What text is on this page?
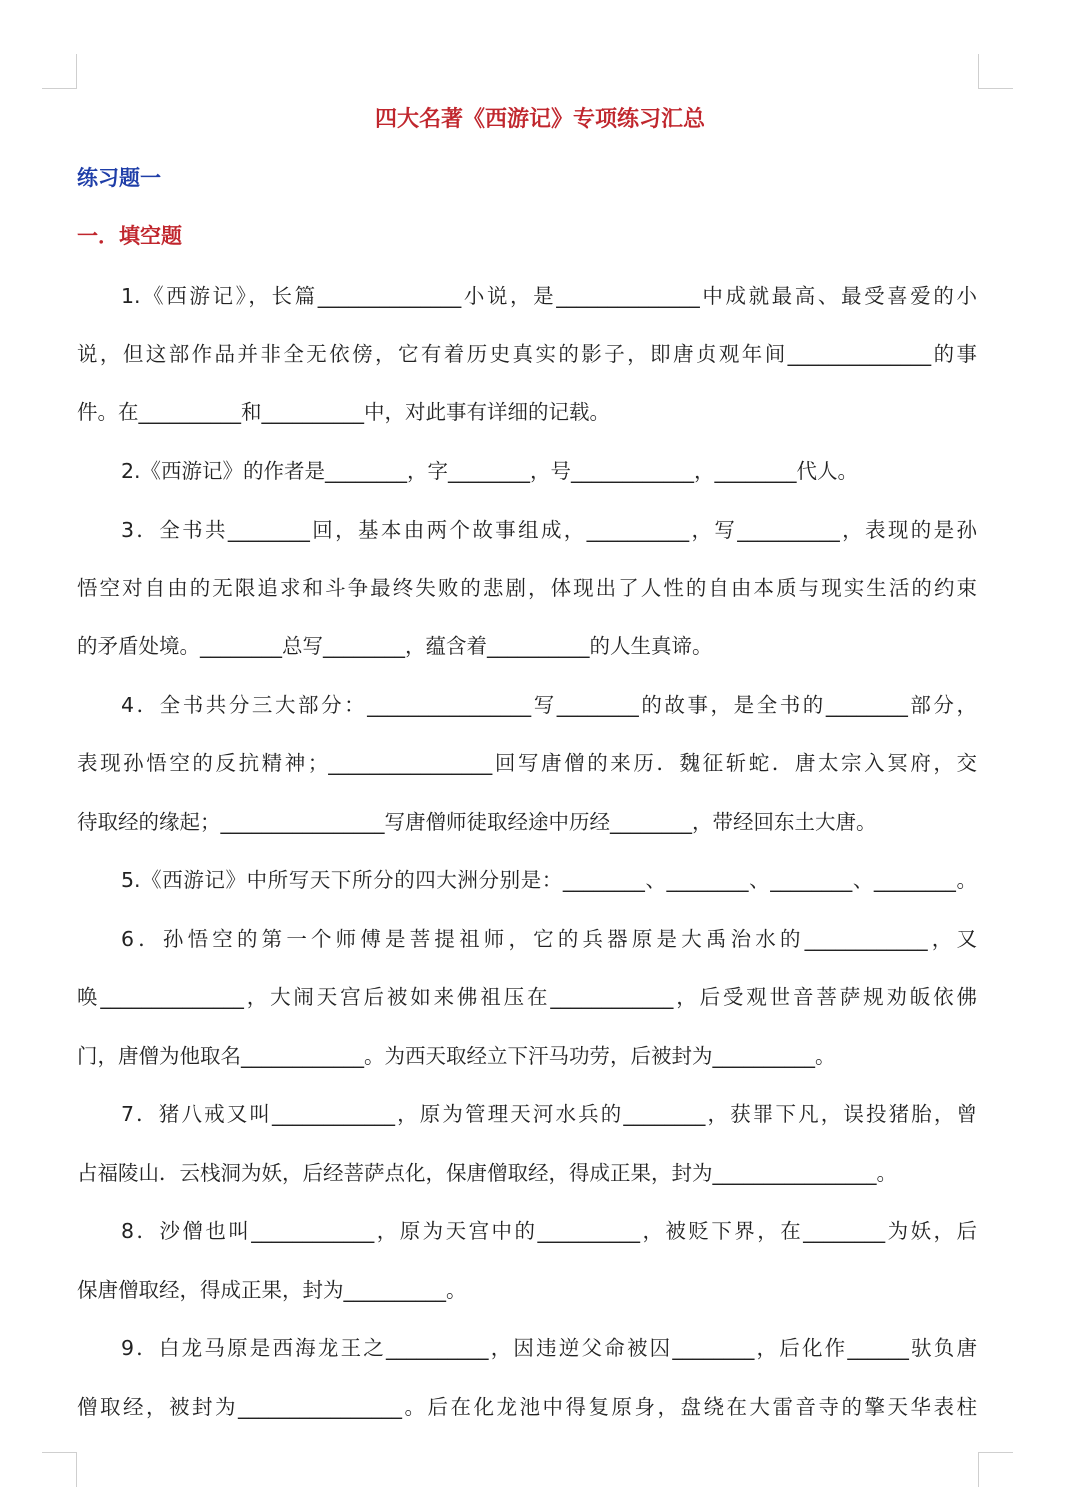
四大名著《西游记》专项练习汇总
练习题一
一．填空题
1.《西游记》，长篇______________小说，是______________中成就最高、最受喜爱的小
说，但这部作品并非全无依傍，它有着历史真实的影子，即唐贞观年间______________的事
件。在__________和__________中，对此事有详细的记载。
2.《西游记》的作者是________，字________，号____________，________代人。
3．全书共________回，基本由两个故事组成，__________，写__________，表现的是孙
悟空对自由的无限追求和斗争最终失败的悲剧，体现出了人性的自由本质与现实生活的约束
的矛盾处境。________总写________，蕴含着__________的人生真谛。
4．全书共分三大部分：________________写________的故事，是全书的________部分，
表现孙悟空的反抗精神；________________回写唐僧的来历．魏征斩蛇．唐太宗入冥府，交
待取经的缘起；________________写唐僧师徒取经途中历经________，带经回东土大唐。
5.《西游记》中所写天下所分的四大洲分别是：________、________、________、________。
6．孙悟空的第一个师傅是菩提祖师，它的兵器原是大禹治水的____________，又
唤______________，大闹天宫后被如来佛祖压在____________，后受观世音菩萨规劝皈依佛
门，唐僧为他取名____________。为西天取经立下汗马功劳，后被封为__________。
7．猪八戒又叫____________，原为管理天河水兵的________，获罪下凡，误投猪胎，曾
占福陵山．云栈洞为妖，后经菩萨点化，保唐僧取经，得成正果，封为________________。
8．沙僧也叫____________，原为天宫中的__________，被贬下界，在________为妖，后
保唐僧取经，得成正果，封为__________。
9．白龙马原是西海龙王之__________，因违逆父命被囚________，后化作______驮负唐
僧取经，被封为________________。后在化龙池中得复原身，盘绕在大雷音寺的擎天华表柱
